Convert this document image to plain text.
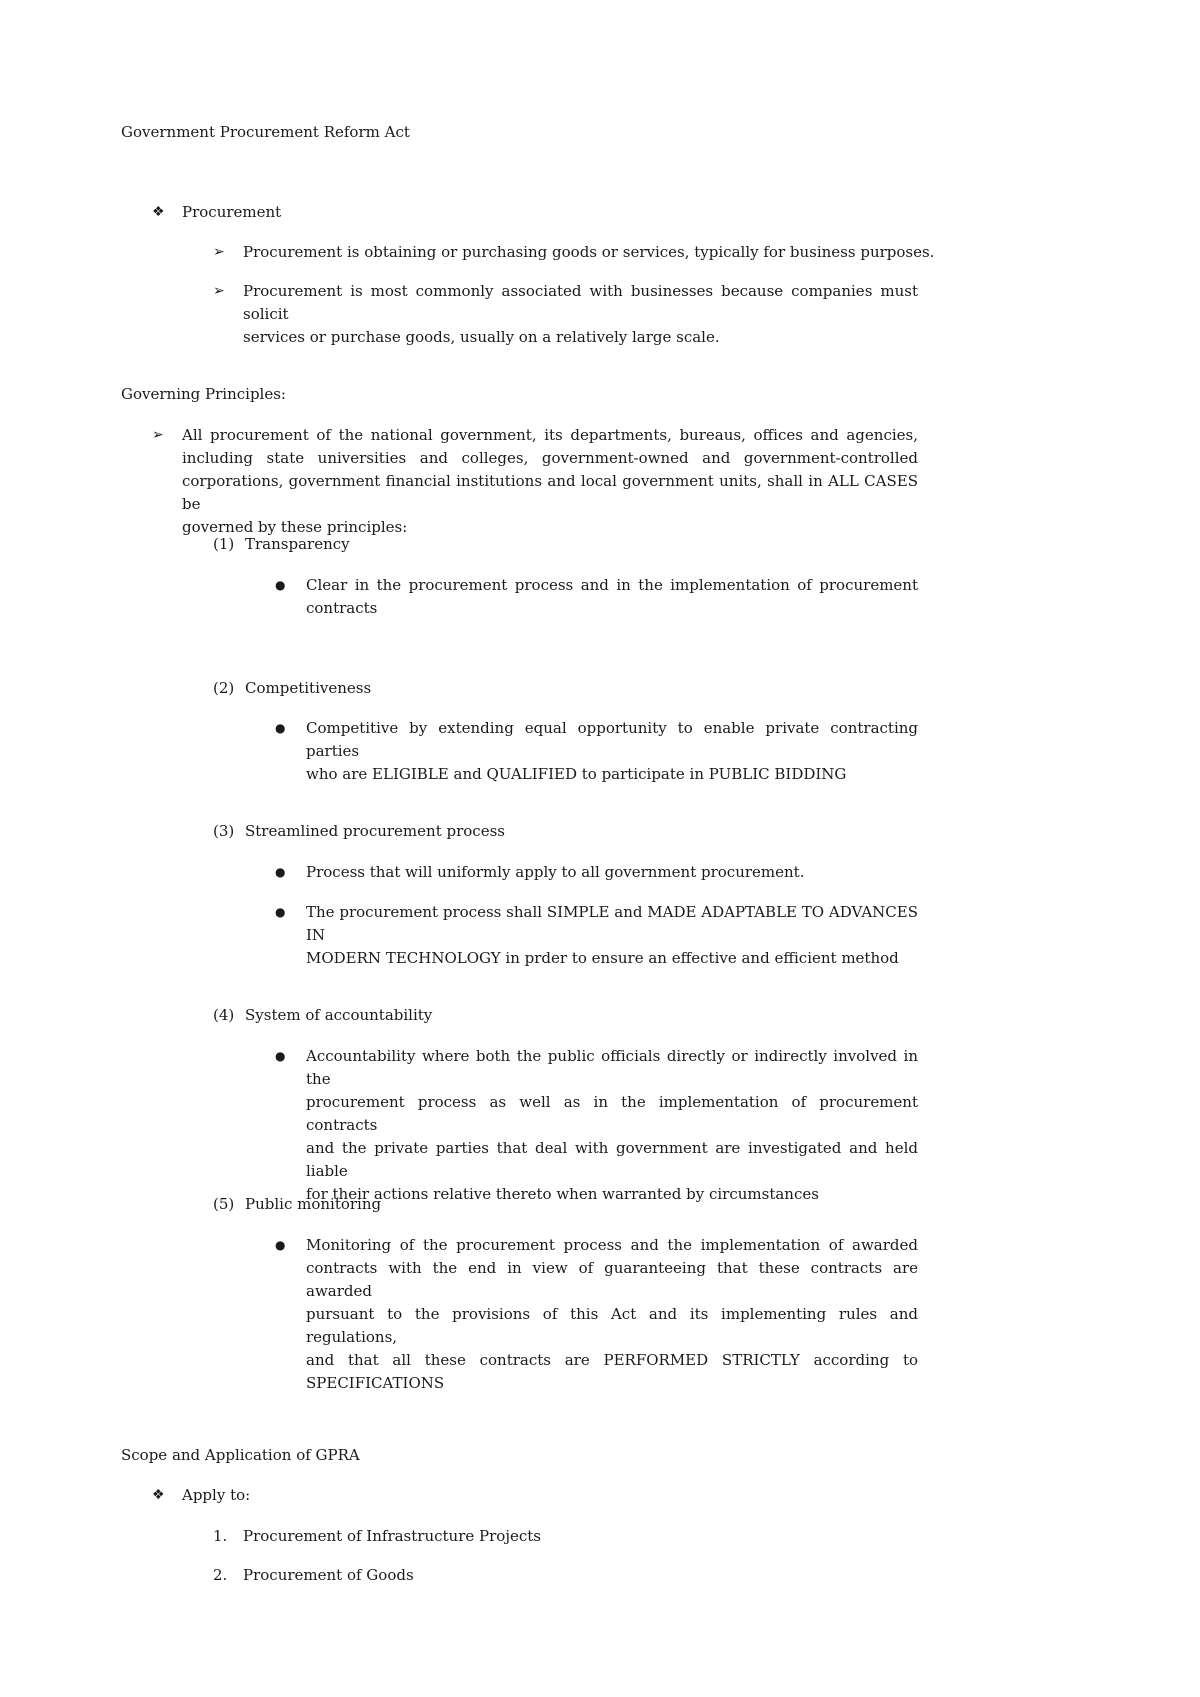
Government Procurement Reform Act
❖ Procurement
➢ Procurement is obtaining or purchasing goods or services, typically for business purposes.
➢ Procurement is most commonly associated with businesses because companies must solicit
services or purchase goods, usually on a relatively large scale.
Governing Principles:
➢ All procurement of the national government, its departments, bureaus, offices and agencies,
including state universities and colleges, government-owned and government-controlled
corporations, government financial institutions and local government units, shall in ALL CASES be
governed by these principles:
(1) Transparency
● Clear in the procurement process and in the implementation of procurement
contracts
(2) Competitiveness
● Competitive by extending equal opportunity to enable private contracting parties
who are ELIGIBLE and QUALIFIED to participate in PUBLIC BIDDING
(3) Streamlined procurement process
● Process that will uniformly apply to all government procurement.
● The procurement process shall SIMPLE and MADE ADAPTABLE TO ADVANCES IN
MODERN TECHNOLOGY in prder to ensure an effective and efficient method
(4) System of accountability
● Accountability where both the public officials directly or indirectly involved in the
procurement process as well as in the implementation of procurement contracts
and the private parties that deal with government are investigated and held liable
for their actions relative thereto when warranted by circumstances
(5) Public monitoring
● Monitoring of the procurement process and the implementation of awarded
contracts with the end in view of guaranteeing that these contracts are awarded
pursuant to the provisions of this Act and its implementing rules and regulations,
and that all these contracts are PERFORMED STRICTLY according to
SPECIFICATIONS
Scope and Application of GPRA
❖ Apply to:
1. Procurement of Infrastructure Projects
2. Procurement of Goods
